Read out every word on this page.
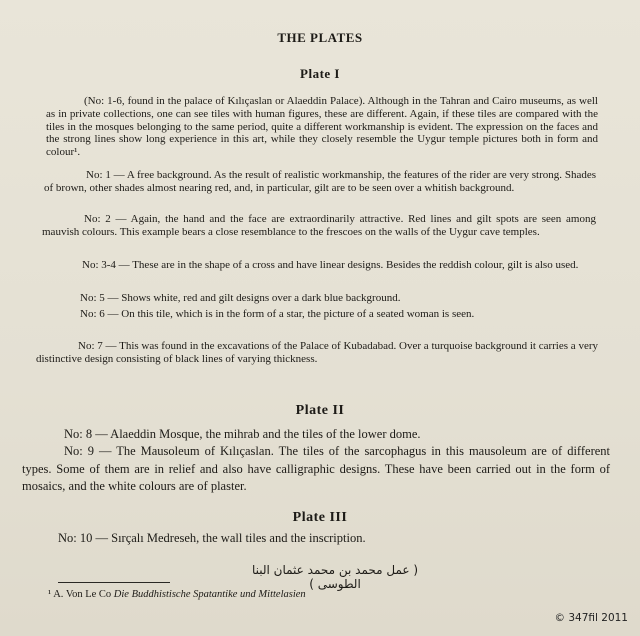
THE PLATES
Plate I

(No: 1-6, found in the palace of Kılıçaslan or Alaeddin Palace). Although in the Tahran and Cairo museums, as well as in private collections, one can see tiles with human figures, these are different. Again, if these tiles are compared with the tiles in the mosques belonging to the same period, quite a different workmanship is evident. The expression on the faces and the strong lines show long experience in this art, while they closely resemble the Uygur temple pictures both in form and colour¹.

No: 1 — A free background. As the result of realistic workmanship, the features of the rider are very strong. Shades of brown, other shades almost nearing red, and, in particular, gilt are to be seen over a whitish background.

No: 2 — Again, the hand and the face are extraordinarily attractive. Red lines and gilt spots are seen among mauvish colours. This example bears a close resemblance to the frescoes on the walls of the Uygur cave temples.

No: 3-4 — These are in the shape of a cross and have linear designs. Besides the reddish colour, gilt is also used.

No: 5 — Shows white, red and gilt designs over a dark blue background.

No: 6 — On this tile, which is in the form of a star, the picture of a seated woman is seen.

No: 7 — This was found in the excavations of the Palace of Kubadabad. Over a turquoise background it carries a very distinctive design consisting of black lines of varying thickness.

Plate II

No: 8 — Alaeddin Mosque, the mihrab and the tiles of the lower dome.

No: 9 — The Mausoleum of Kılıçaslan. The tiles of the sarcophagus in this mausoleum are of different types. Some of them are in relief and also have calligraphic designs. These have been carried out in the form of mosaics, and the white colours are of plaster.

Plate III

No: 10 — Sırçalı Medreseh, the wall tiles and the inscription.

( عمل محمد بن محمد عثمان البنا الطوسى )
¹ A. Von Le Co Die Buddhistische Spatantike und Mittelasien
© 347fil 2011
